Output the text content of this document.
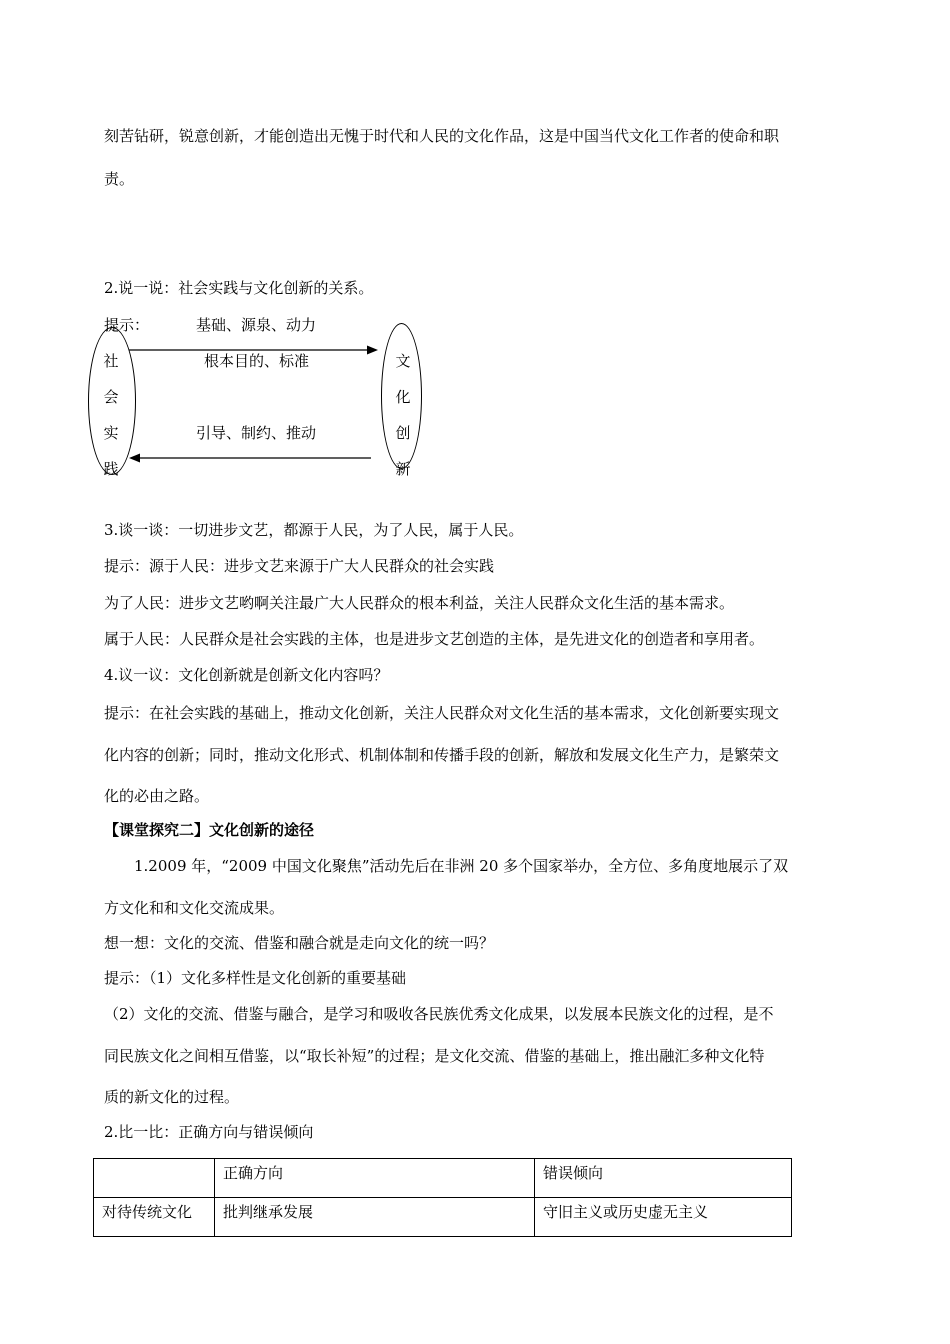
刻苦钻研，锐意创新，才能创造出无愧于时代和人民的文化作品，这是中国当代文化工作者的使命和职
责。
2.说一说：社会实践与文化创新的关系。
提示：
社
会
实
践
文
化
创
新
基础、源泉、动力
根本目的、标准
引导、制约、推动
3.谈一谈：一切进步文艺，都源于人民，为了人民，属于人民。
提示：源于人民：进步文艺来源于广大人民群众的社会实践
为了人民：进步文艺哟啊关注最广大人民群众的根本利益，关注人民群众文化生活的基本需求。
属于人民：人民群众是社会实践的主体，也是进步文艺创造的主体，是先进文化的创造者和享用者。
4.议一议：文化创新就是创新文化内容吗？
提示：在社会实践的基础上，推动文化创新，关注人民群众对文化生活的基本需求，文化创新要实现文
化内容的创新；同时，推动文化形式、机制体制和传播手段的创新，解放和发展文化生产力，是繁荣文
化的必由之路。
【课堂探究二】文化创新的途径
1.2009 年，“2009 中国文化聚焦”活动先后在非洲 20 多个国家举办，全方位、多角度地展示了双
方文化和和文化交流成果。
想一想：文化的交流、借鉴和融合就是走向文化的统一吗？
提示：（1）文化多样性是文化创新的重要基础
（2）文化的交流、借鉴与融合，是学习和吸收各民族优秀文化成果，以发展本民族文化的过程，是不
同民族文化之间相互借鉴，以“取长补短”的过程；是文化交流、借鉴的基础上，推出融汇多种文化特
质的新文化的过程。
2.比一比：正确方向与错误倾向
	正确方向	错误倾向
对待传统文化	批判继承发展	守旧主义或历史虚无主义
